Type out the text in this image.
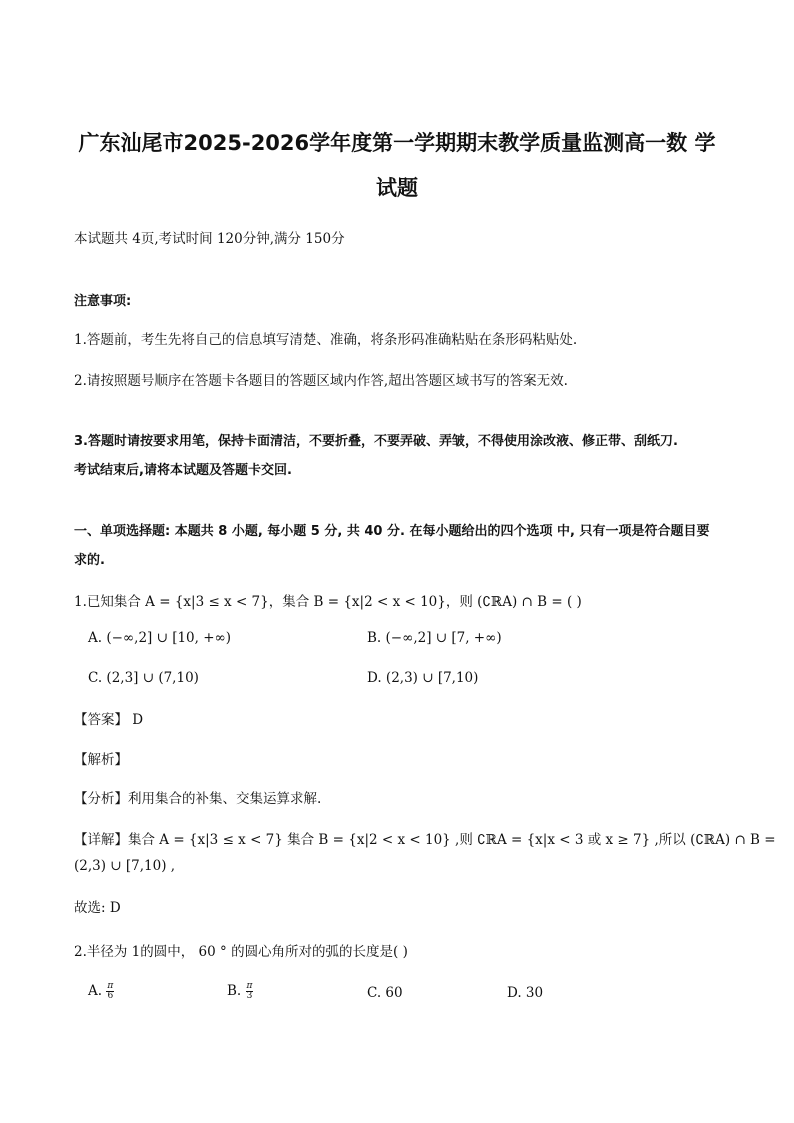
广东汕尾市2025-2026学年度第一学期期末教学质量监测高一数 学
试题
本试题共 4页,考试时间 120分钟,满分 150分
注意事项:
1.答题前，考生先将自己的信息填写清楚、准确，将条形码准确粘贴在条形码粘贴处.
2.请按照题号顺序在答题卡各题目的答题区域内作答,超出答题区域书写的答案无效.
3.答题时请按要求用笔，保持卡面清洁，不要折叠，不要弄破、弄皱，不得使用涂改液、修正带、刮纸刀.
考试结束后,请将本试题及答题卡交回.
一、单项选择题: 本题共 8 小题, 每小题 5 分, 共 40 分. 在每小题给出的四个选项 中, 只有一项是符合题目要
求的.
1.已知集合 A = {x|3 ≤ x < 7}，集合 B = {x|2 < x < 10}，则 (∁ℝA) ∩ B = ( )
A. (−∞,2] ∪ [10, +∞)	B. (−∞,2] ∪ [7, +∞)
C. (2,3] ∪ (7,10)	D. (2,3) ∪ [7,10)
【答案】 D
【解析】
【分析】利用集合的补集、交集运算求解.
【详解】集合 A = {x|3 ≤ x < 7} 集合 B = {x|2 < x < 10} ,则 ∁ℝA = {x|x < 3 或 x ≥ 7} ,所以 (∁ℝA) ∩ B =
(2,3) ∪ [7,10) ,
故选: D
2.半径为 1的圆中， 60 ° 的圆心角所对的弧的长度是( )
A. $\frac{\pi}{6}$	B. $\frac{\pi}{3}$	C. 60	D. 30
